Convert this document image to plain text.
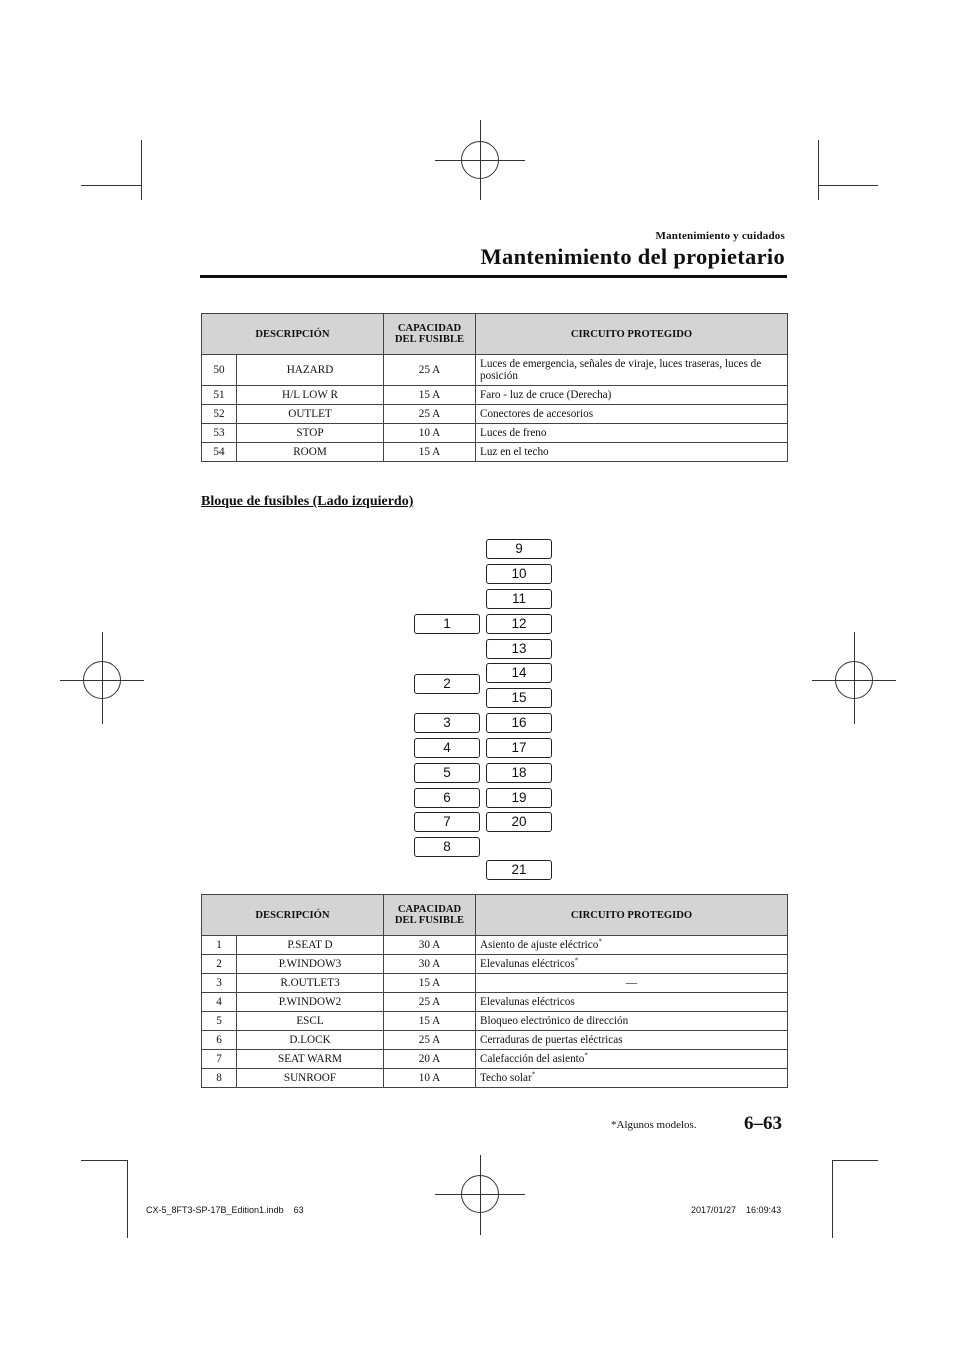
Mantenimiento y cuidados
Mantenimiento del propietario
DESCRIPCIÓN		CAPACIDAD DEL FUSIBLE	CIRCUITO PROTEGIDO
50	HAZARD	25 A	Luces de emergencia, señales de viraje, luces traseras, luces de posición
51	H/L LOW R	15 A	Faro - luz de cruce (Derecha)
52	OUTLET	25 A	Conectores de accesorios
53	STOP	10 A	Luces de freno
54	ROOM	15 A	Luz en el techo
Bloque de fusibles (Lado izquierdo)
1
2
3
4
5
6
7
8
9
10
11
12
13
14
15
16
17
18
19
20
21
DESCRIPCIÓN		CAPACIDAD DEL FUSIBLE	CIRCUITO PROTEGIDO
1	P.SEAT D	30 A	Asiento de ajuste eléctrico*
2	P.WINDOW3	30 A	Elevalunas eléctricos*
3	R.OUTLET3	15 A	—
4	P.WINDOW2	25 A	Elevalunas eléctricos
5	ESCL	15 A	Bloqueo electrónico de dirección
6	D.LOCK	25 A	Cerraduras de puertas eléctricas
7	SEAT WARM	20 A	Calefacción del asiento*
8	SUNROOF	10 A	Techo solar*
*Algunos modelos. 6–63
CX-5_8FT3-SP-17B_Edition1.indb    63	2017/01/27    16:09:43
